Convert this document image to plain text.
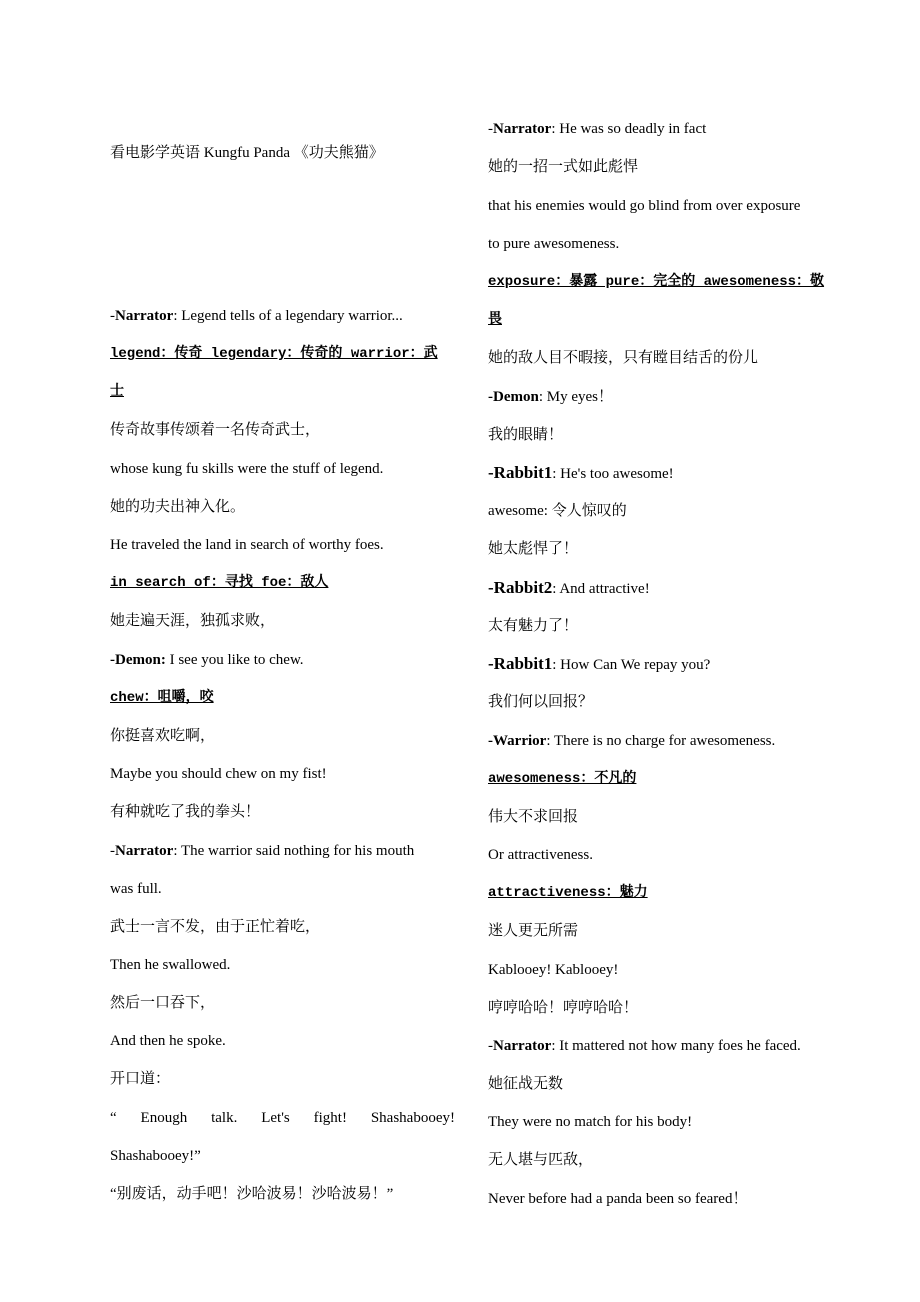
看电影学英语 Kungfu Panda 《功夫熊猫》
-Narrator: Legend tells of a legendary warrior...
legend：传奇 legendary：传奇的 warrior：武
士
传奇故事传颂着一名传奇武士，
whose kung fu skills were the stuff of legend.
她的功夫出神入化。
He traveled the land in search of worthy foes.
in search of：寻找 foe：敌人
她走遍天涯，独孤求败，
-Demon: I see you like to chew.
chew：咀嚼，咬
你挺喜欢吃啊，
Maybe you should chew on my fist!
有种就吃了我的拳头！
-Narrator: The warrior said nothing for his mouth
was full.
武士一言不发，由于正忙着吃，
Then he swallowed.
然后一口吞下，
And then he spoke.
开口道：
“ Enough talk. Let's fight! Shashabooey!
Shashabooey!”
“别废话，动手吧！沙哈波易！沙哈波易！”
-Narrator: He was so deadly in fact
她的一招一式如此彪悍
that his enemies would go blind from over exposure
to pure awesomeness.
exposure：暴露 pure：完全的 awesomeness：敬
畏
她的敌人目不暇接，只有瞠目结舌的份儿
-Demon: My eyes！
我的眼睛！
-Rabbit1: He's too awesome!
awesome: 令人惊叹的
她太彪悍了！
-Rabbit2: And attractive!
太有魅力了！
-Rabbit1: How Can We repay you?
我们何以回报？
-Warrior: There is no charge for awesomeness.
awesomeness：不凡的
伟大不求回报
Or attractiveness.
attractiveness：魅力
迷人更无所需
Kablooey! Kablooey!
哼哼哈哈！哼哼哈哈！
-Narrator: It mattered not how many foes he faced.
她征战无数
They were no match for his body!
无人堪与匹敌，
Never before had a panda been so feared！
